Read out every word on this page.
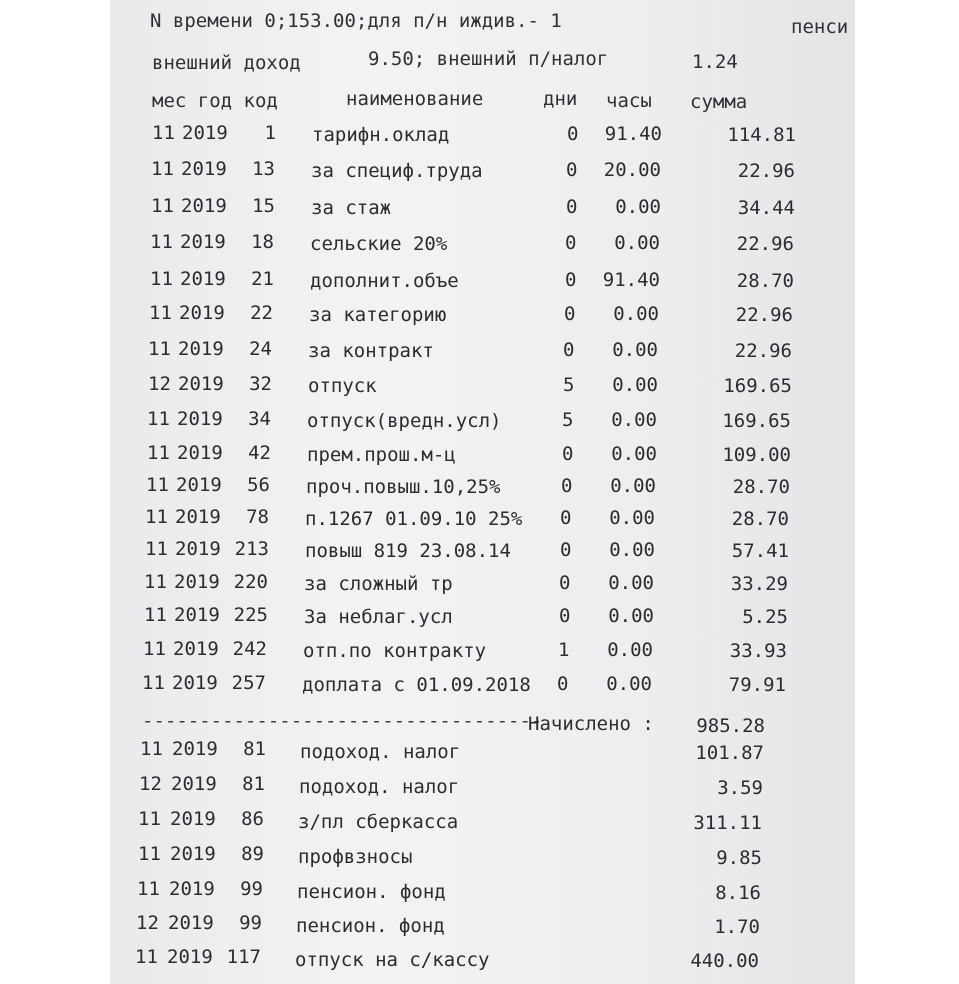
N времени 0;153.00;для п/н иждив.- 1	пенси
внешний доход	9.50; внешний п/налог	1.24
мес год код	наименование	дни часы сумма
11 2019	1 тарифн.оклад	0	91.40	114.81
11 2019	13 за специф.труда	0	20.00	22.96
11 2019	15 за стаж	0	0.00	34.44
11 2019	18 сельские 20%	0	0.00	22.96
11 2019	21 дополнит.объе	0	91.40	28.70
11 2019	22 за категорию	0	0.00	22.96
11 2019	24 за контракт	0	0.00	22.96
12 2019	32 отпуск	5	0.00	169.65
11 2019	34 отпуск(вредн.усл)	5	0.00	169.65
11 2019	42 прем.прош.м-ц	0	0.00	109.00
11 2019	56 проч.повыш.10,25%	0	0.00	28.70
11 2019	78 п.1267 01.09.10 25% 0	0.00	28.70
11 2019 213 повыш 819 23.08.14	0	0.00	57.41
11 2019 220 за сложный тр	0	0.00	33.29
11 2019 225 За неблаг.усл	0	0.00	5.25
11 2019 242 отп.по контракту	1	0.00	33.93
11 2019 257 доплата с 01.09.2018 0	0.00	79.91
-----------------------------------
Начислено :	985.28
11 2019	81 подоход. налог	101.87
12 2019	81 подоход. налог	3.59
11 2019	86 з/пл сберкасса	311.11
11 2019	89 профвзносы	9.85
11 2019	99 пенсион. фонд	8.16
12 2019	99 пенсион. фонд	1.70
11 2019 117 отпуск на с/кассу	440.00
